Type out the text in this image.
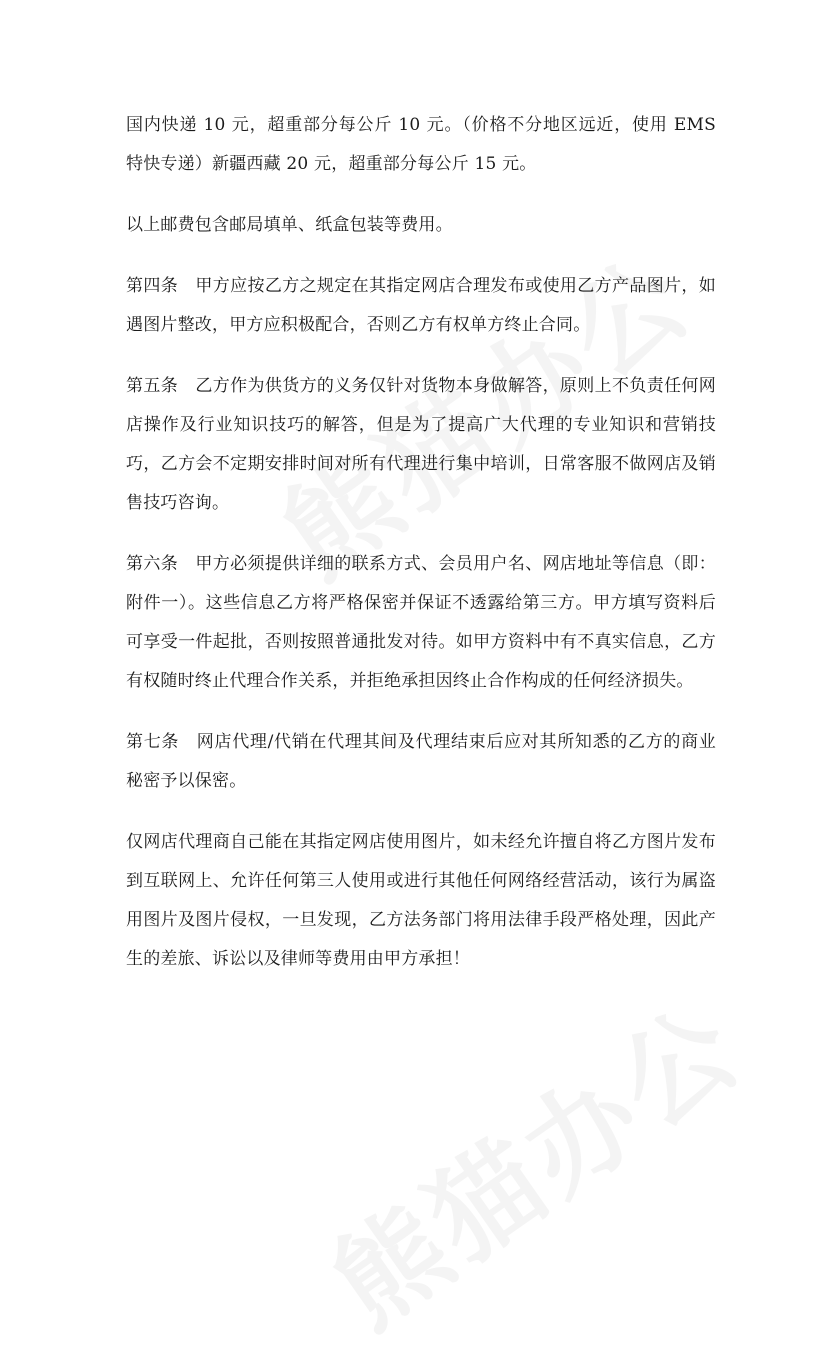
国内快递 10 元，超重部分每公斤 10 元。（价格不分地区远近，使用 EMS 特快专递）新疆西藏 20 元，超重部分每公斤 15 元。

以上邮费包含邮局填单、纸盒包装等费用。

第四条　甲方应按乙方之规定在其指定网店合理发布或使用乙方产品图片，如遇图片整改，甲方应积极配合，否则乙方有权单方终止合同。

第五条　乙方作为供货方的义务仅针对货物本身做解答，原则上不负责任何网店操作及行业知识技巧的解答，但是为了提高广大代理的专业知识和营销技巧，乙方会不定期安排时间对所有代理进行集中培训，日常客服不做网店及销售技巧咨询。

第六条　甲方必须提供详细的联系方式、会员用户名、网店地址等信息（即：附件一）。这些信息乙方将严格保密并保证不透露给第三方。甲方填写资料后可享受一件起批，否则按照普通批发对待。如甲方资料中有不真实信息，乙方有权随时终止代理合作关系，并拒绝承担因终止合作构成的任何经济损失。

第七条　网店代理/代销在代理其间及代理结束后应对其所知悉的乙方的商业秘密予以保密。

仅网店代理商自己能在其指定网店使用图片，如未经允许擅自将乙方图片发布到互联网上、允许任何第三人使用或进行其他任何网络经营活动，该行为属盗用图片及图片侵权，一旦发现，乙方法务部门将用法律手段严格处理，因此产生的差旅、诉讼以及律师等费用由甲方承担！
